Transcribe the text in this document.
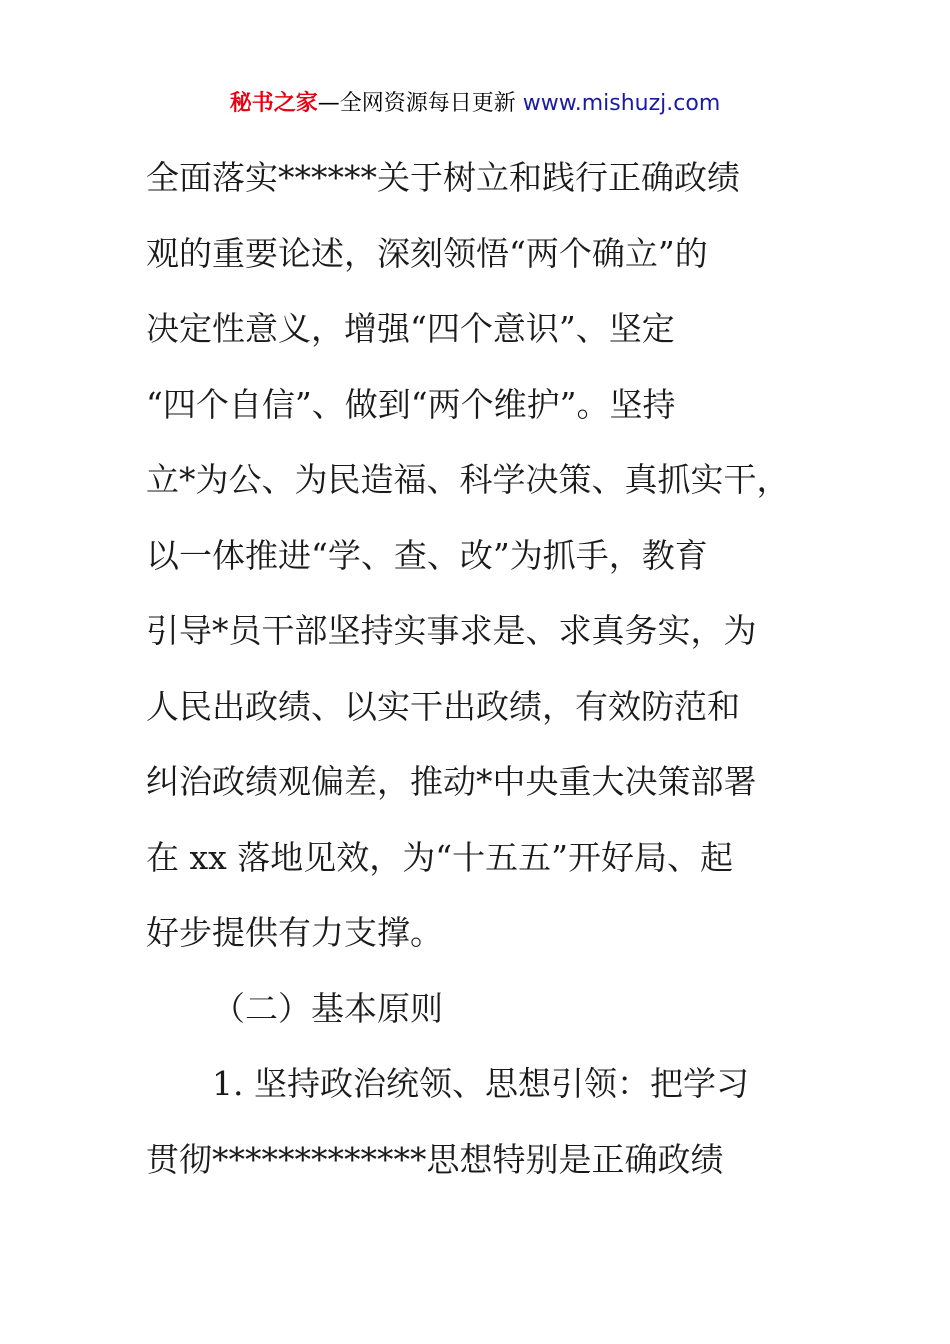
秘书之家—全网资源每日更新 www.mishuzj.com
全面落实******关于树立和践行正确政绩
观的重要论述，深刻领悟“两个确立”的
决定性意义，增强“四个意识”、坚定
“四个自信”、做到“两个维护”。坚持
立*为公、为民造福、科学决策、真抓实干，
以一体推进“学、查、改”为抓手，教育
引导*员干部坚持实事求是、求真务实，为
人民出政绩、以实干出政绩，有效防范和
纠治政绩观偏差，推动*中央重大决策部署
在 xx 落地见效，为“十五五”开好局、起
好步提供有力支撑。
（二）基本原则
1. 坚持政治统领、思想引领：把学习
贯彻*************思想特别是正确政绩
